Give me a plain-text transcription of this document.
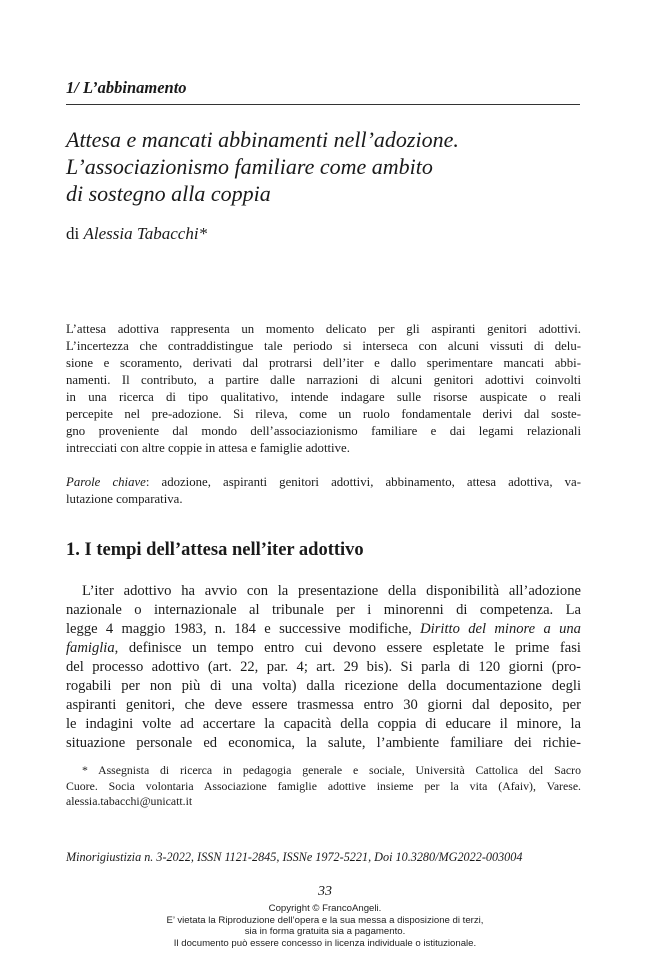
1/ L’abbinamento
Attesa e mancati abbinamenti nell’adozione.
L’associazionismo familiare come ambito
di sostegno alla coppia
di Alessia Tabacchi*
L’attesa adottiva rappresenta un momento delicato per gli aspiranti genitori adottivi.
L’incertezza che contraddistingue tale periodo si interseca con alcuni vissuti di delu-
sione e scoramento, derivati dal protrarsi dell’iter e dallo sperimentare mancati abbi-
namenti. Il contributo, a partire dalle narrazioni di alcuni genitori adottivi coinvolti
in una ricerca di tipo qualitativo, intende indagare sulle risorse auspicate o reali
percepite nel pre-adozione. Si rileva, come un ruolo fondamentale derivi dal soste-
gno proveniente dal mondo dell’associazionismo familiare e dai legami relazionali
intrecciati con altre coppie in attesa e famiglie adottive.
Parole chiave: adozione, aspiranti genitori adottivi, abbinamento, attesa adottiva, va-
lutazione comparativa.
1. I tempi dell’attesa nell’iter adottivo
L’iter adottivo ha avvio con la presentazione della disponibilità all’adozione
nazionale o internazionale al tribunale per i minorenni di competenza. La
legge 4 maggio 1983, n. 184 e successive modifiche, Diritto del minore a una
famiglia, definisce un tempo entro cui devono essere espletate le prime fasi
del processo adottivo (art. 22, par. 4; art. 29 bis). Si parla di 120 giorni (pro-
rogabili per non più di una volta) dalla ricezione della documentazione degli
aspiranti genitori, che deve essere trasmessa entro 30 giorni dal deposito, per
le indagini volte ad accertare la capacità della coppia di educare il minore, la
situazione personale ed economica, la salute, l’ambiente familiare dei richie-
* Assegnista di ricerca in pedagogia generale e sociale, Università Cattolica del Sacro
Cuore. Socia volontaria Associazione famiglie adottive insieme per la vita (Afaiv), Varese.
alessia.tabacchi@unicatt.it
Minorigiustizia n. 3-2022, ISSN 1121-2845, ISSNe 1972-5221, Doi 10.3280/MG2022-003004
33
Copyright © FrancoAngeli.
E’ vietata la Riproduzione dell’opera e la sua messa a disposizione di terzi,
sia in forma gratuita sia a pagamento.
Il documento può essere concesso in licenza individuale o istituzionale.
